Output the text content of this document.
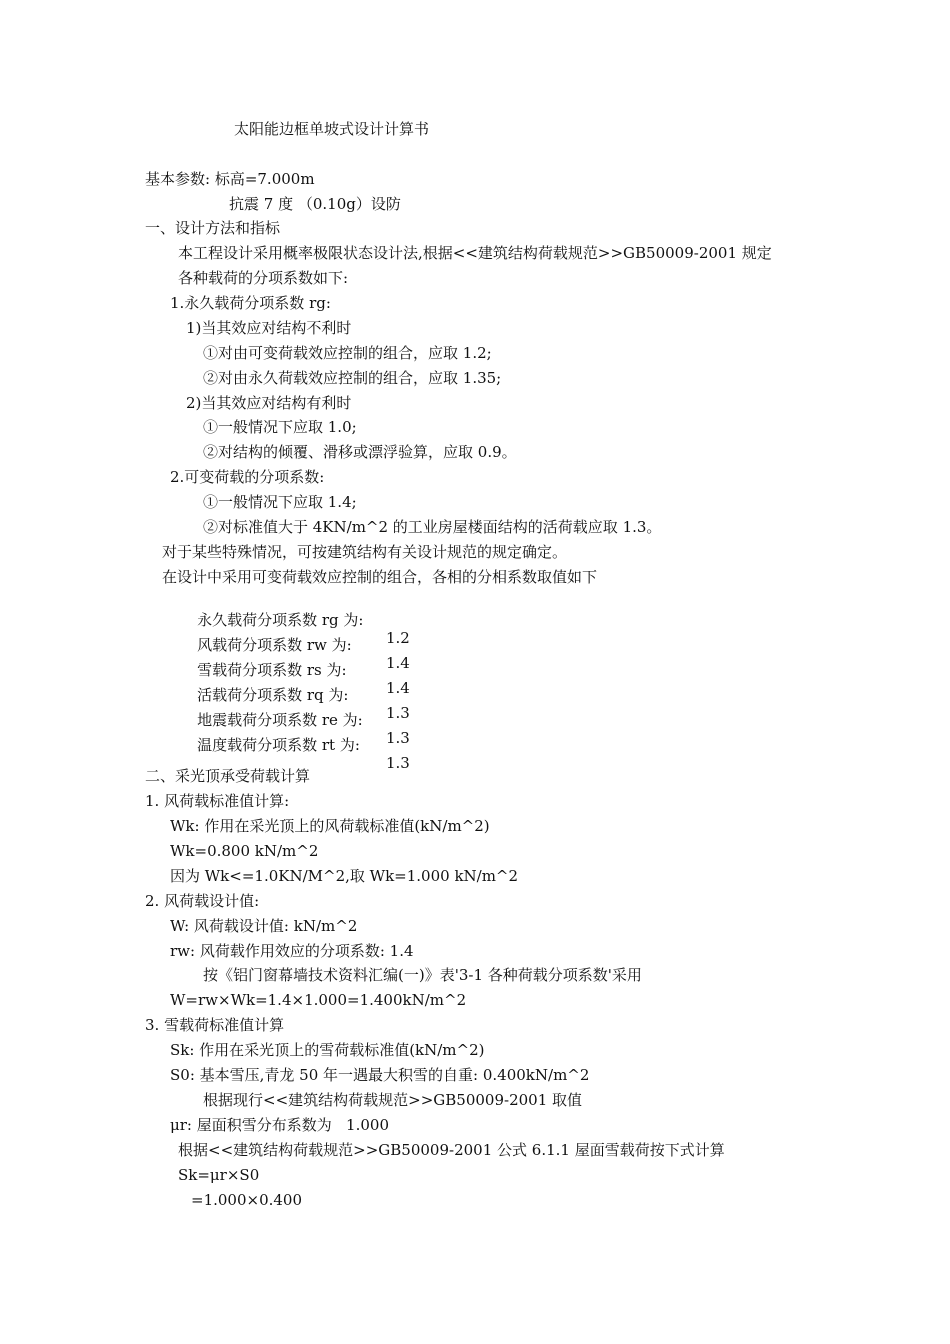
太阳能边框单坡式设计计算书
基本参数: 标高=7.000m
抗震 7 度 （0.10g）设防
一、设计方法和指标
本工程设计采用概率极限状态设计法,根据<<建筑结构荷载规范>>GB50009-2001 规定
各种载荷的分项系数如下:
1.永久载荷分项系数 rg:
1)当其效应对结构不利时
①对由可变荷载效应控制的组合，应取 1.2;
②对由永久荷载效应控制的组合，应取 1.35;
2)当其效应对结构有利时
①一般情况下应取 1.0;
②对结构的倾覆、滑移或漂浮验算，应取 0.9。
2.可变荷载的分项系数:
①一般情况下应取 1.4;
②对标准值大于 4KN/m^2 的工业房屋楼面结构的活荷载应取 1.3。
对于某些特殊情况，可按建筑结构有关设计规范的规定确定。
在设计中采用可变荷载效应控制的组合，各相的分相系数取值如下

永久载荷分项系数 rg 为:

1.2

风载荷分项系数 rw 为:

1.4

雪载荷分项系数 rs 为:

1.4

活载荷分项系数 rq 为:

1.3

地震载荷分项系数 re 为:

1.3

温度载荷分项系数 rt 为:

1.3

二、采光顶承受荷载计算
1. 风荷载标准值计算:
Wk: 作用在采光顶上的风荷载标准值(kN/m^2)
Wk=0.800 kN/m^2
因为 Wk<=1.0KN/M^2,取 Wk=1.000 kN/m^2
2. 风荷载设计值:
W: 风荷载设计值: kN/m^2
rw: 风荷载作用效应的分项系数: 1.4
按《铝门窗幕墙技术资料汇编(一)》表'3-1 各种荷载分项系数'采用
W=rw×Wk=1.4×1.000=1.400kN/m^2
3. 雪载荷标准值计算
Sk: 作用在采光顶上的雪荷载标准值(kN/m^2)
S0: 基本雪压,青龙 50 年一遇最大积雪的自重: 0.400kN/m^2
根据现行<<建筑结构荷载规范>>GB50009-2001 取值
μr: 屋面积雪分布系数为   1.000
根据<<建筑结构荷载规范>>GB50009-2001 公式 6.1.1 屋面雪载荷按下式计算
Sk=μr×S0
=1.000×0.400
